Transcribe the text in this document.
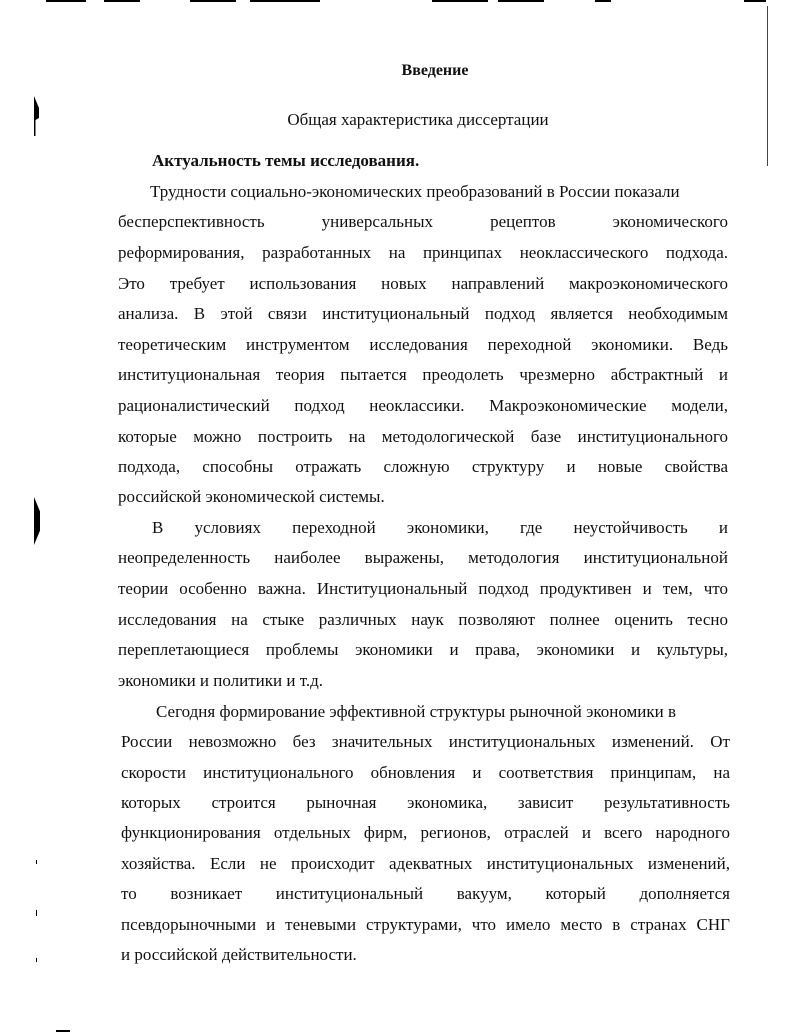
Введение
Общая характеристика диссертации
Актуальность темы исследования.
Трудности социально-экономических преобразований в России показали
бесперспективность универсальных рецептов экономического
реформирования, разработанных на принципах неоклассического подхода.
Это требует использования новых направлений макроэкономического
анализа. В этой связи институциональный подход является необходимым
теоретическим инструментом исследования переходной экономики. Ведь
институциональная теория пытается преодолеть чрезмерно абстрактный и
рационалистический подход неоклассики. Макроэкономические модели,
которые можно построить на методологической базе институционального
подхода, способны отражать сложную структуру и новые свойства
российской экономической системы.
В условиях переходной экономики, где неустойчивость и
неопределенность наиболее выражены, методология институциональной
теории особенно важна. Институциональный подход продуктивен и тем, что
исследования на стыке различных наук позволяют полнее оценить тесно
переплетающиеся проблемы экономики и права, экономики и культуры,
экономики и политики и т.д.
Сегодня формирование эффективной структуры рыночной экономики в
России невозможно без значительных институциональных изменений. От
скорости институционального обновления и соответствия принципам, на
которых строится рыночная экономика, зависит результативность
функционирования отдельных фирм, регионов, отраслей и всего народного
хозяйства. Если не происходит адекватных институциональных изменений,
то возникает институциональный вакуум, который дополняется
псевдорыночными и теневыми структурами, что имело место в странах СНГ
и российской действительности.
